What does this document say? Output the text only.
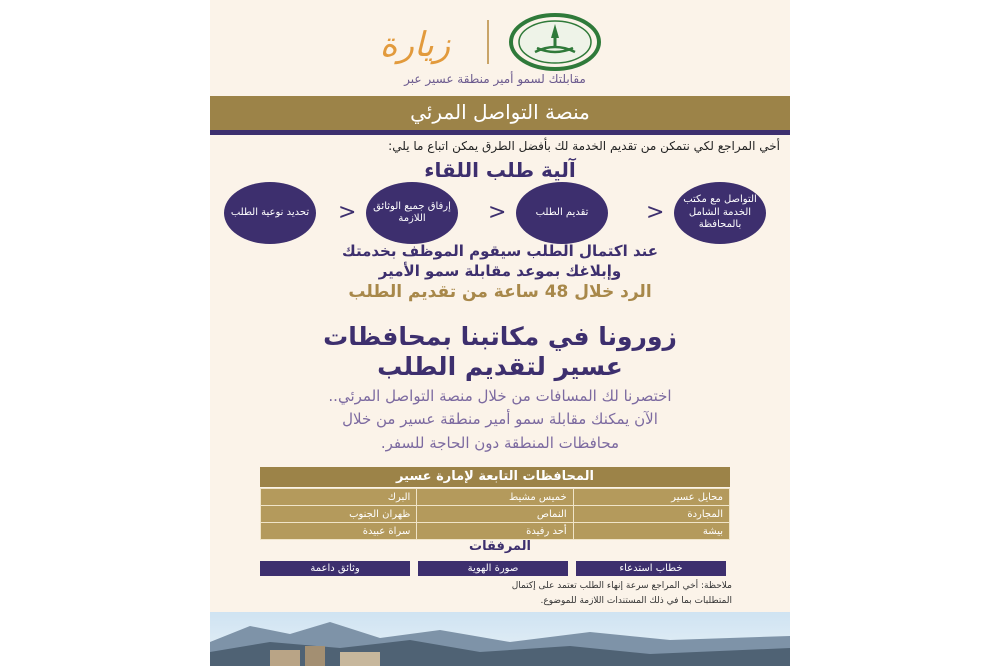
زيارة
مقابلتك لسمو أمير منطقة عسير عبر
منصة التواصل المرئي
أخي المراجع لكي نتمكن من تقديم الخدمة لك بأفضل الطرق يمكن اتباع ما يلي:
آلية طلب اللقاء
التواصل مع مكتب الخدمة الشامل بالمحافظة
<
تقديم الطلب
<
إرفاق جميع الوثائق اللازمة
<
تحديد نوعية الطلب
عند اكتمال الطلب سيقوم الموظف بخدمتك
وإبلاغك بموعد مقابلة سمو الأمير
الرد خلال 48 ساعة من تقديم الطلب
زورونا في مكاتبنا بمحافظات
عسير لتقديم الطلب
اختصرنا لك المسافات من خلال منصة التواصل المرئي..
الآن يمكنك مقابلة سمو أمير منطقة عسير من خلال
محافظات المنطقة دون الحاجة للسفر.
المحافظات التابعة لإمارة عسير
محايل عسير	خميس مشيط	البرك
المجاردة	النماص	ظهران الجنوب
بيشة	أحد رفيدة	سراة عبيدة
المرفقات
خطاب استدعاء
صورة الهوية
وثائق داعمة
ملاحظة: أخي المراجع سرعة إنهاء الطلب تعتمد على إكتمال
المتطلبات بما في ذلك المستندات اللازمة للموضوع.
